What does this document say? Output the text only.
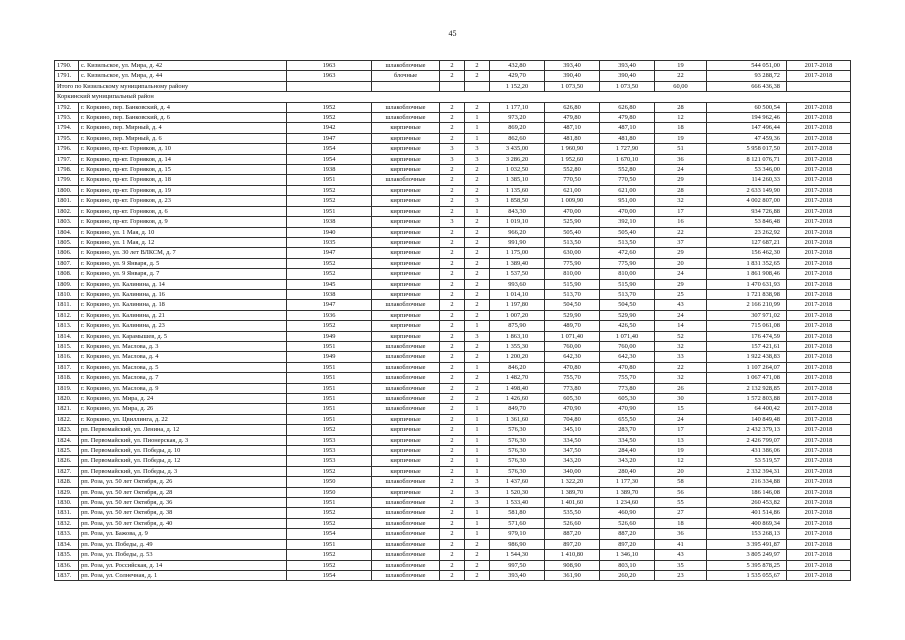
45
1790.	с. Кизильское, ул. Мира, д. 42	1963	шлакоблочные	2	2	432,80	393,40	393,40	19	544 051,00	2017-2018
1791.	с. Кизильское, ул. Мира, д. 44	1963	блочные	2	2	429,70	390,40	390,40	22	93 288,72	2017-2018
Итого по Кизильскому муниципальному району						1 152,20	1 073,50	1 073,50	60,00	666 436,38	
Коркинский муниципальный район											
1792.	г. Коркино, пер. Банковский, д. 4	1952	шлакоблочные	2	2	1 177,10	626,80	626,80	28	60 500,54	2017-2018
1793.	г. Коркино, пер. Банковский, д. 6	1952	шлакоблочные	2	1	973,20	479,80	479,80	12	194 962,46	2017-2018
1794.	г. Коркино, пер. Мирный, д. 4	1942	кирпичные	2	1	869,20	487,10	487,10	18	147 496,44	2017-2018
1795.	г. Коркино, пер. Мирный, д. 6	1947	кирпичные	2	1	862,60	481,80	481,80	19	47 459,36	2017-2018
1796.	г. Коркино, пр-кт. Горняков, д. 10	1954	кирпичные	3	3	3 435,00	1 960,90	1 727,90	51	5 958 017,50	2017-2018
1797.	г. Коркино, пр-кт. Горняков, д. 14	1954	кирпичные	3	3	3 286,20	1 952,60	1 670,10	36	8 121 076,71	2017-2018
1798.	г. Коркино, пр-кт. Горняков, д. 15	1938	кирпичные	2	2	1 032,50	552,80	552,80	24	53 346,00	2017-2018
1799.	г. Коркино, пр-кт. Горняков, д. 18	1951	шлакоблочные	2	2	1 385,10	770,50	770,50	29	114 260,33	2017-2018
1800.	г. Коркино, пр-кт. Горняков, д. 19	1952	кирпичные	2	2	1 135,60	621,00	621,00	28	2 633 149,90	2017-2018
1801.	г. Коркино, пр-кт. Горняков, д. 23	1952	кирпичные	2	3	1 858,50	1 009,90	951,00	32	4 002 807,00	2017-2018
1802.	г. Коркино, пр-кт. Горняков, д. 6	1951	кирпичные	2	1	843,30	470,00	470,00	17	934 726,88	2017-2018
1803.	г. Коркино, пр-кт. Горняков, д. 9	1938	кирпичные	3	2	1 019,10	525,90	392,10	16	53 846,48	2017-2018
1804.	г. Коркино, ул. 1 Мая, д. 10	1940	кирпичные	2	2	966,20	505,40	505,40	22	23 262,92	2017-2018
1805.	г. Коркино, ул. 1 Мая, д. 12	1935	кирпичные	2	2	991,90	513,50	513,50	37	127 687,21	2017-2018
1806.	г. Коркино, ул. 30 лет ВЛКСМ, д. 7	1947	кирпичные	2	2	1 175,00	630,00	472,60	29	156 462,30	2017-2018
1807.	г. Коркино, ул. 9 Января, д. 5	1952	кирпичные	2	2	1 389,40	775,90	775,90	20	1 831 352,65	2017-2018
1808.	г. Коркино, ул. 9 Января, д. 7	1952	кирпичные	2	2	1 537,50	810,00	810,00	24	1 861 908,46	2017-2018
1809.	г. Коркино, ул. Калинина, д. 14	1945	кирпичные	2	2	993,60	515,90	515,90	29	1 470 631,93	2017-2018
1810.	г. Коркино, ул. Калинина, д. 16	1938	кирпичные	2	2	1 014,10	513,70	513,70	25	1 721 838,98	2017-2018
1811.	г. Коркино, ул. Калинина, д. 18	1947	шлакоблочные	2	2	1 197,80	504,50	504,50	43	2 166 210,99	2017-2018
1812.	г. Коркино, ул. Калинина, д. 21	1936	кирпичные	2	2	1 007,20	529,90	529,90	24	307 971,02	2017-2018
1813.	г. Коркино, ул. Калинина, д. 23	1952	кирпичные	2	1	875,90	489,70	426,50	14	715 061,08	2017-2018
1814.	г. Коркино, ул. Карамышев, д. 5	1949	кирпичные	2	3	1 863,10	1 071,40	1 071,40	52	176 474,59	2017-2018
1815.	г. Коркино, ул. Маслова, д. 3	1951	шлакоблочные	2	2	1 355,30	760,00	760,00	32	157 421,61	2017-2018
1816.	г. Коркино, ул. Маслова, д. 4	1949	шлакоблочные	2	2	1 200,20	642,30	642,30	33	1 922 438,83	2017-2018
1817.	г. Коркино, ул. Маслова, д. 5	1951	шлакоблочные	2	1	846,20	470,80	470,80	22	1 107 264,07	2017-2018
1818.	г. Коркино, ул. Маслова, д. 7	1951	шлакоблочные	2	2	1 482,70	755,70	755,70	32	1 067 471,08	2017-2018
1819.	г. Коркино, ул. Маслова, д. 9	1951	шлакоблочные	2	2	1 498,40	773,80	773,80	26	2 132 928,85	2017-2018
1820.	г. Коркино, ул. Мира, д. 24	1951	шлакоблочные	2	2	1 426,60	605,30	605,30	30	1 572 803,88	2017-2018
1821.	г. Коркино, ул. Мира, д. 26	1951	шлакоблочные	2	1	849,70	470,90	470,90	15	64 400,42	2017-2018
1822.	г. Коркино, ул. Цвиллинга, д. 22	1951	кирпичные	2	1	1 361,60	704,80	655,50	24	140 849,48	2017-2018
1823.	рп. Первомайский, ул. Ленина, д. 12	1952	кирпичные	2	1	576,30	345,10	283,70	17	2 432 379,13	2017-2018
1824.	рп. Первомайский, ул. Пионерская, д. 3	1953	кирпичные	2	1	576,30	334,50	334,50	13	2 426 799,07	2017-2018
1825.	рп. Первомайский, ул. Победы, д. 10	1953	кирпичные	2	1	576,30	347,50	284,40	19	431 386,06	2017-2018
1826.	рп. Первомайский, ул. Победы, д. 12	1953	кирпичные	2	1	576,30	343,20	343,20	12	53 519,57	2017-2018
1827.	рп. Первомайский, ул. Победы, д. 3	1952	кирпичные	2	1	576,30	340,00	280,40	20	2 332 394,31	2017-2018
1828.	рп. Роза, ул. 50 лет Октября, д. 26	1950	шлакоблочные	2	3	1 437,60	1 322,20	1 177,30	58	216 334,88	2017-2018
1829.	рп. Роза, ул. 50 лет Октября, д. 28	1950	кирпичные	2	3	1 520,30	1 389,70	1 389,70	56	186 146,08	2017-2018
1830.	рп. Роза, ул. 50 лет Октября, д. 36	1951	шлакоблочные	2	3	1 533,40	1 401,60	1 234,60	55	260 453,82	2017-2018
1831.	рп. Роза, ул. 50 лет Октября, д. 38	1952	шлакоблочные	2	1	581,80	535,50	460,90	27	401 514,86	2017-2018
1832.	рп. Роза, ул. 50 лет Октября, д. 40	1952	шлакоблочные	2	1	571,60	526,60	526,60	18	400 869,34	2017-2018
1833.	рп. Роза, ул. Бажова, д. 9	1954	шлакоблочные	2	1	979,10	887,20	887,20	36	153 268,13	2017-2018
1834.	рп. Роза, ул. Победы, д. 49	1951	шлакоблочные	2	2	986,90	897,20	897,20	41	3 395 491,87	2017-2018
1835.	рп. Роза, ул. Победы, д. 53	1952	шлакоблочные	2	2	1 544,30	1 410,80	1 346,10	43	3 805 249,97	2017-2018
1836.	рп. Роза, ул. Российская, д. 14	1952	шлакоблочные	2	2	997,50	908,90	803,10	35	5 395 878,25	2017-2018
1837.	рп. Роза, ул. Солнечная, д. 1	1954	шлакоблочные	2	2	393,40	361,90	260,20	23	1 535 055,67	2017-2018
